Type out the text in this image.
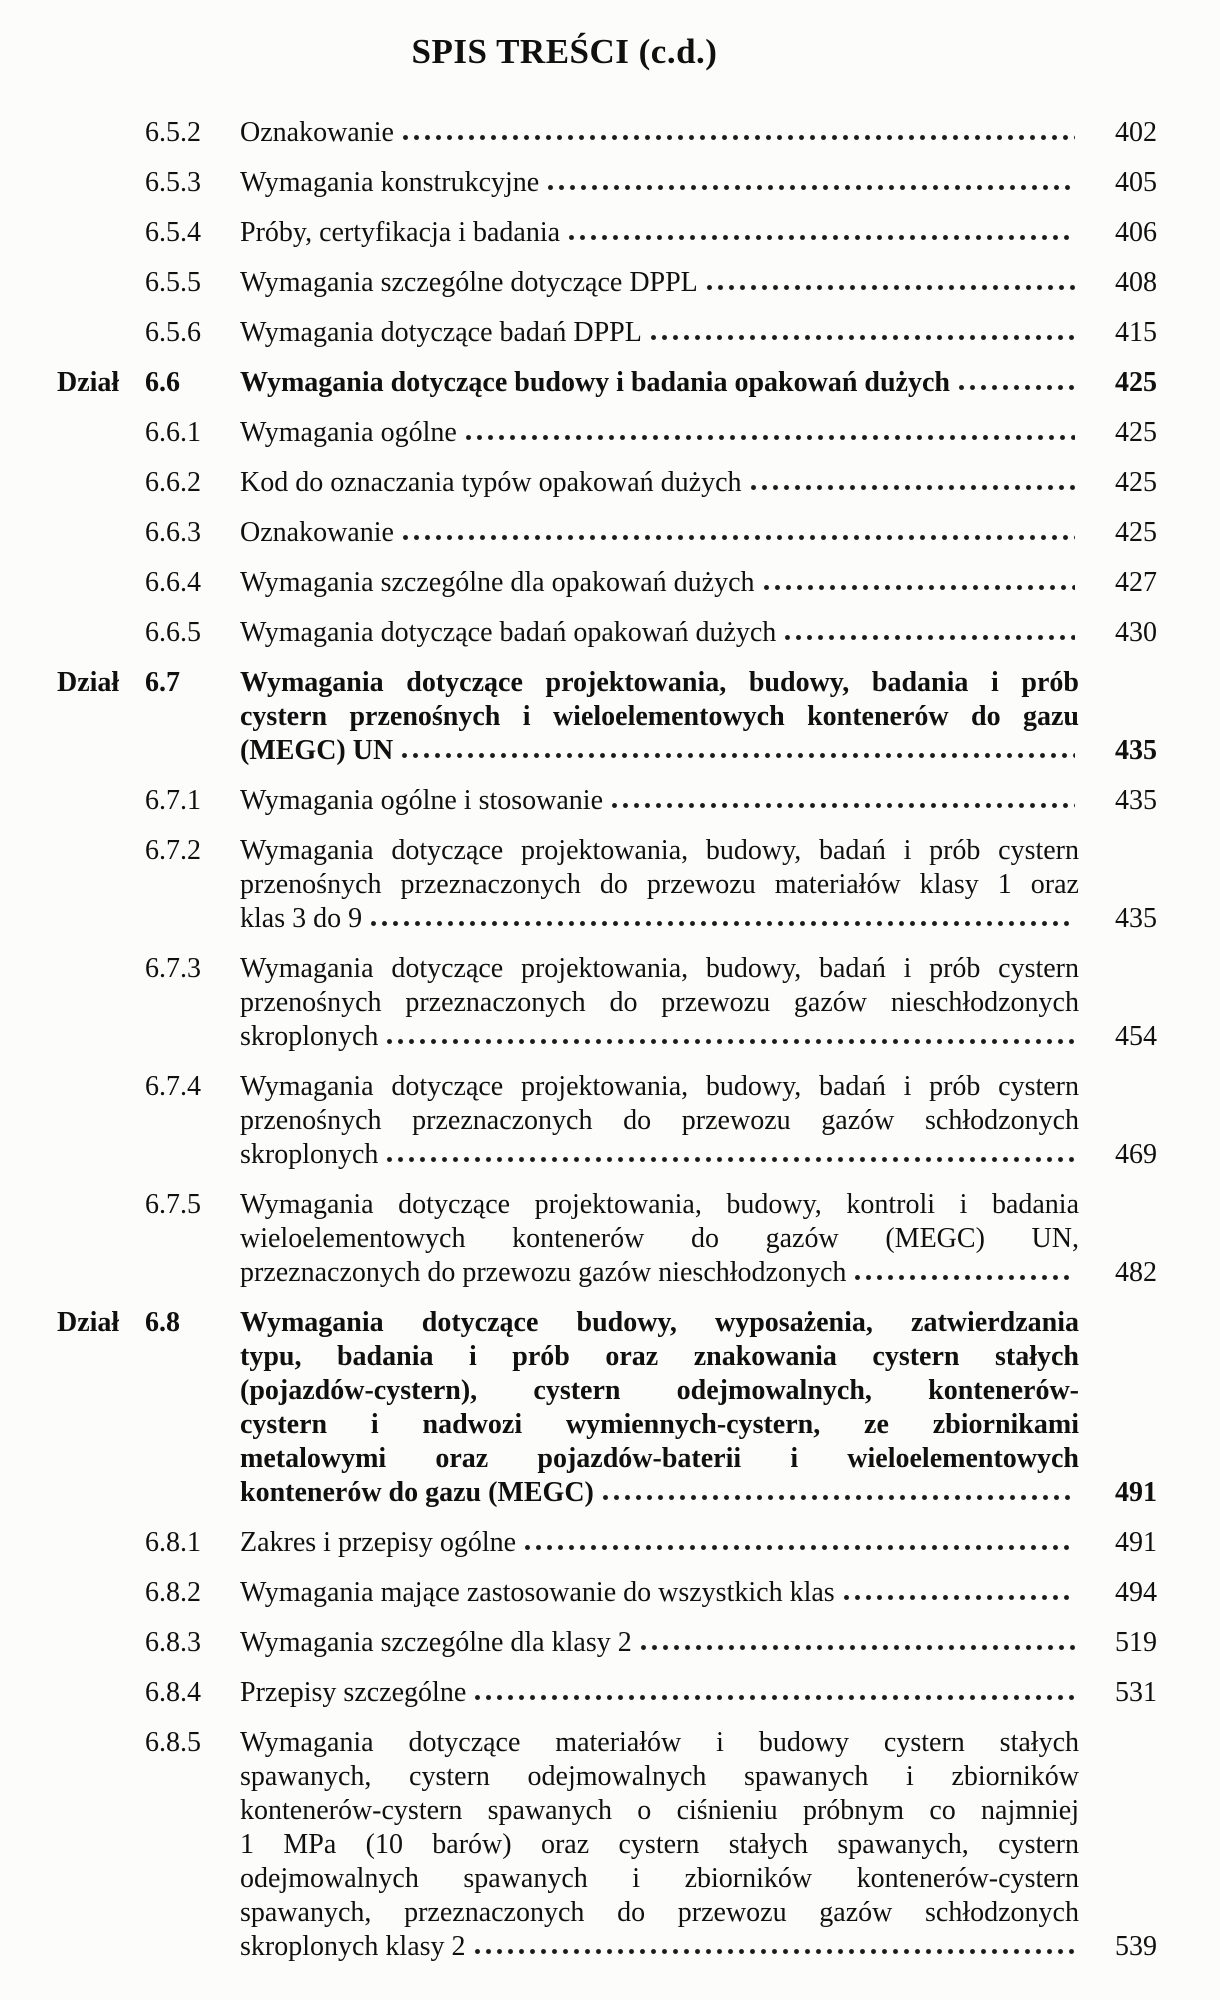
SPIS TREŚCI (c.d.)
6.5.2	Oznakowanie	402
6.5.3	Wymagania konstrukcyjne	405
6.5.4	Próby, certyfikacja i badania	406
6.5.5	Wymagania szczególne dotyczące DPPL	408
6.5.6	Wymagania dotyczące badań DPPL	415
Dział 6.6	Wymagania dotyczące budowy i badania opakowań dużych	425
6.6.1	Wymagania ogólne	425
6.6.2	Kod do oznaczania typów opakowań dużych	425
6.6.3	Oznakowanie	425
6.6.4	Wymagania szczególne dla opakowań dużych	427
6.6.5	Wymagania dotyczące badań opakowań dużych	430
Dział 6.7	Wymagania dotyczące projektowania, budowy, badania i prób
cystern przenośnych i wieloelementowych kontenerów do gazu
(MEGC) UN	435
6.7.1	Wymagania ogólne i stosowanie	435
6.7.2	Wymagania dotyczące projektowania, budowy, badań i prób cystern
przenośnych przeznaczonych do przewozu materiałów klasy 1 oraz
klas 3 do 9	435
6.7.3	Wymagania dotyczące projektowania, budowy, badań i prób cystern
przenośnych przeznaczonych do przewozu gazów nieschłodzonych
skroplonych	454
6.7.4	Wymagania dotyczące projektowania, budowy, badań i prób cystern
przenośnych przeznaczonych do przewozu gazów schłodzonych
skroplonych	469
6.7.5	Wymagania dotyczące projektowania, budowy, kontroli i badania
wieloelementowych kontenerów do gazów (MEGC) UN,
przeznaczonych do przewozu gazów nieschłodzonych	482
Dział 6.8	Wymagania dotyczące budowy, wyposażenia, zatwierdzania
typu, badania i prób oraz znakowania cystern stałych
(pojazdów-cystern), cystern odejmowalnych, kontenerów-
cystern i nadwozi wymiennych-cystern, ze zbiornikami
metalowymi oraz pojazdów-baterii i wieloelementowych
kontenerów do gazu (MEGC)	491
6.8.1	Zakres i przepisy ogólne	491
6.8.2	Wymagania mające zastosowanie do wszystkich klas	494
6.8.3	Wymagania szczególne dla klasy 2	519
6.8.4	Przepisy szczególne	531
6.8.5	Wymagania dotyczące materiałów i budowy cystern stałych
spawanych, cystern odejmowalnych spawanych i zbiorników
kontenerów-cystern spawanych o ciśnieniu próbnym co najmniej
1 MPa (10 barów) oraz cystern stałych spawanych, cystern
odejmowalnych spawanych i zbiorników kontenerów-cystern
spawanych, przeznaczonych do przewozu gazów schłodzonych
skroplonych klasy 2	539
